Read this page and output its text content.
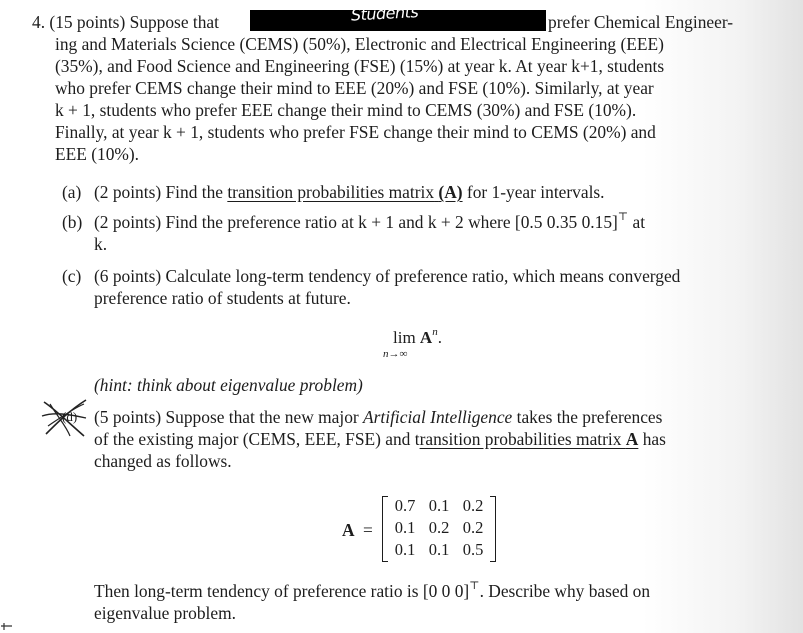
4. (15 points) Suppose that	Students	prefer Chemical Engineer-
ing and Materials Science (CEMS) (50%), Electronic and Electrical Engineering (EEE)
(35%), and Food Science and Engineering (FSE) (15%) at year k. At year k+1, students
who prefer CEMS change their mind to EEE (20%) and FSE (10%). Similarly, at year
k + 1, students who prefer EEE change their mind to CEMS (30%) and FSE (10%).
Finally, at year k + 1, students who prefer FSE change their mind to CEMS (20%) and
EEE (10%).
(a) (2 points) Find the transition probabilities matrix (A) for 1-year intervals.
(b) (2 points) Find the preference ratio at k + 1 and k + 2 where [0.5 0.35 0.15]⊤ at
k.
(c) (6 points) Calculate long-term tendency of preference ratio, which means converged
preference ratio of students at future.
$\lim A^n$.
n→∞
(hint: think about eigenvalue problem)
(d) (5 points) Suppose that the new major Artificial Intelligence takes the preferences
of the existing major (CEMS, EEE, FSE) and transition probabilities matrix A has
changed as follows.
A =
0.7 0.1 0.2
0.1 0.2 0.2
0.1 0.1 0.5
Then long-term tendency of preference ratio is [0 0 0]⊤. Describe why based on
eigenvalue problem.
